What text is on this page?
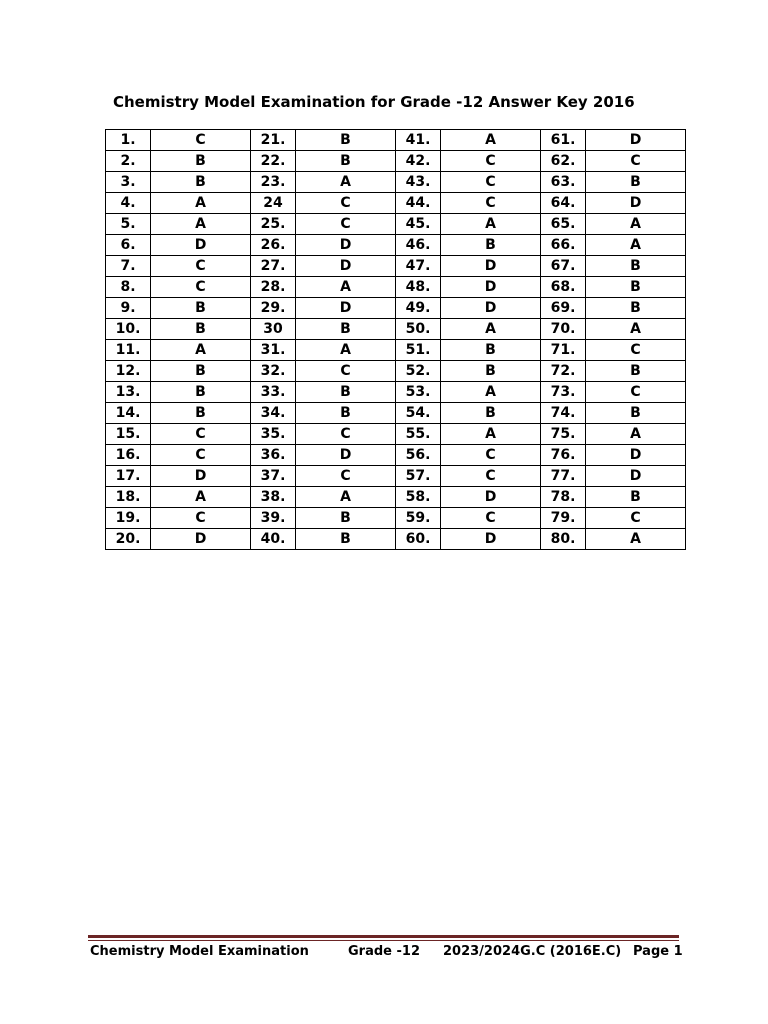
Chemistry Model Examination for Grade -12 Answer Key 2016
1.	C	21.	B	41.	A	61.	D
2.	B	22.	B	42.	C	62.	C
3.	B	23.	A	43.	C	63.	B
4.	A	24	C	44.	C	64.	D
5.	A	25.	C	45.	A	65.	A
6.	D	26.	D	46.	B	66.	A
7.	C	27.	D	47.	D	67.	B
8.	C	28.	A	48.	D	68.	B
9.	B	29.	D	49.	D	69.	B
10.	B	30	B	50.	A	70.	A
11.	A	31.	A	51.	B	71.	C
12.	B	32.	C	52.	B	72.	B
13.	B	33.	B	53.	A	73.	C
14.	B	34.	B	54.	B	74.	B
15.	C	35.	C	55.	A	75.	A
16.	C	36.	D	56.	C	76.	D
17.	D	37.	C	57.	C	77.	D
18.	A	38.	A	58.	D	78.	B
19.	C	39.	B	59.	C	79.	C
20.	D	40.	B	60.	D	80.	A
Chemistry Model Examination	Grade -12 2023/2024G.C (2016E.C) Page 1
